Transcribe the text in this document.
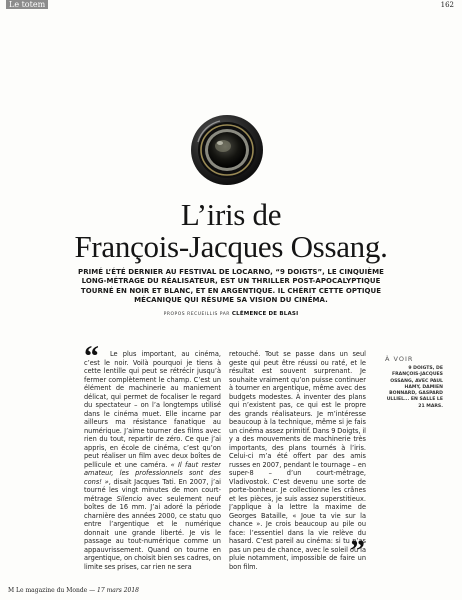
Le totem	162
L’iris de
François-Jacques Ossang.
PRIMÉ L’ÉTÉ DERNIER AU FESTIVAL DE LOCARNO, “9 DOIGTS”, LE CINQUIÈME LONG-MÉTRAGE DU RÉALISATEUR, EST UN THRILLER POST-APOCALYPTIQUE TOURNÉ EN NOIR ET BLANC, ET EN ARGENTIQUE. IL CHÉRIT CETTE OPTIQUE MÉCANIQUE QUI RÉSUME SA VISION DU CINÉMA.
PROPOS RECUEILLIS PAR CLÉMENCE DE BLASI
“	Le plus important, au cinéma, c’est le noir. Voilà pourquoi je tiens à cette lentille qui peut se rétrécir jusqu’à fermer complètement le champ. C’est un élément de machinerie au maniement délicat, qui permet de focaliser le regard du spectateur – on l’a longtemps utilisé dans le cinéma muet. Elle incarne par ailleurs ma résistance fanatique au numérique. J’aime tourner des films avec rien du tout, repartir de zéro. Ce que j’ai appris, en école de cinéma, c’est qu’on peut réaliser un film avec deux boîtes de pellicule et une caméra. « Il faut rester amateur, les professionnels sont des cons! », disait Jacques Tati. En 2007, j’ai tourné les vingt minutes de mon court-métrage Silencio avec seulement neuf boîtes de 16 mm. J’ai adoré la période charnière des années 2000, ce statu quo entre l’argentique et le numérique donnait une grande liberté. Je vis le passage au tout-numérique comme un appauvrissement. Quand on tourne en argentique, on choisit bien ses cadres, on limite ses prises, car rien ne sera
retouché. Tout se passe dans un seul geste qui peut être réussi ou raté, et le résultat est souvent surprenant. Je souhaite vraiment qu’on puisse continuer à tourner en argentique, même avec des budgets modestes. À inventer des plans qui n’existent pas, ce qui est le propre des grands réalisateurs. Je m’intéresse beaucoup à la technique, même si je fais un cinéma assez primitif. Dans 9 Doigts, il y a des mouvements de machinerie très importants, des plans tournés à l’iris. Celui-ci m’a été offert par des amis russes en 2007, pendant le tournage – en super-8 – d’un court-métrage, Vladivostok. C’est devenu une sorte de porte-bonheur. Je collectionne les crânes et les pièces, je suis assez superstitieux. J’applique à la lettre la maxime de Georges Bataille, « Joue ta vie sur la chance ». Je crois beaucoup au pile ou face: l’essentiel dans la vie relève du hasard. C’est pareil au cinéma: si tu n’as pas un peu de chance, avec le soleil ou la pluie notamment, impossible de faire un bon film.	”
À VOIR
9 DOIGTS, DE FRANÇOIS-JACQUES OSSANG, AVEC PAUL HAMY, DAMIEN BONNARD, GASPARD ULLIEL... EN SALLE LE 21 MARS.
M Le magazine du Monde — 17 mars 2018
